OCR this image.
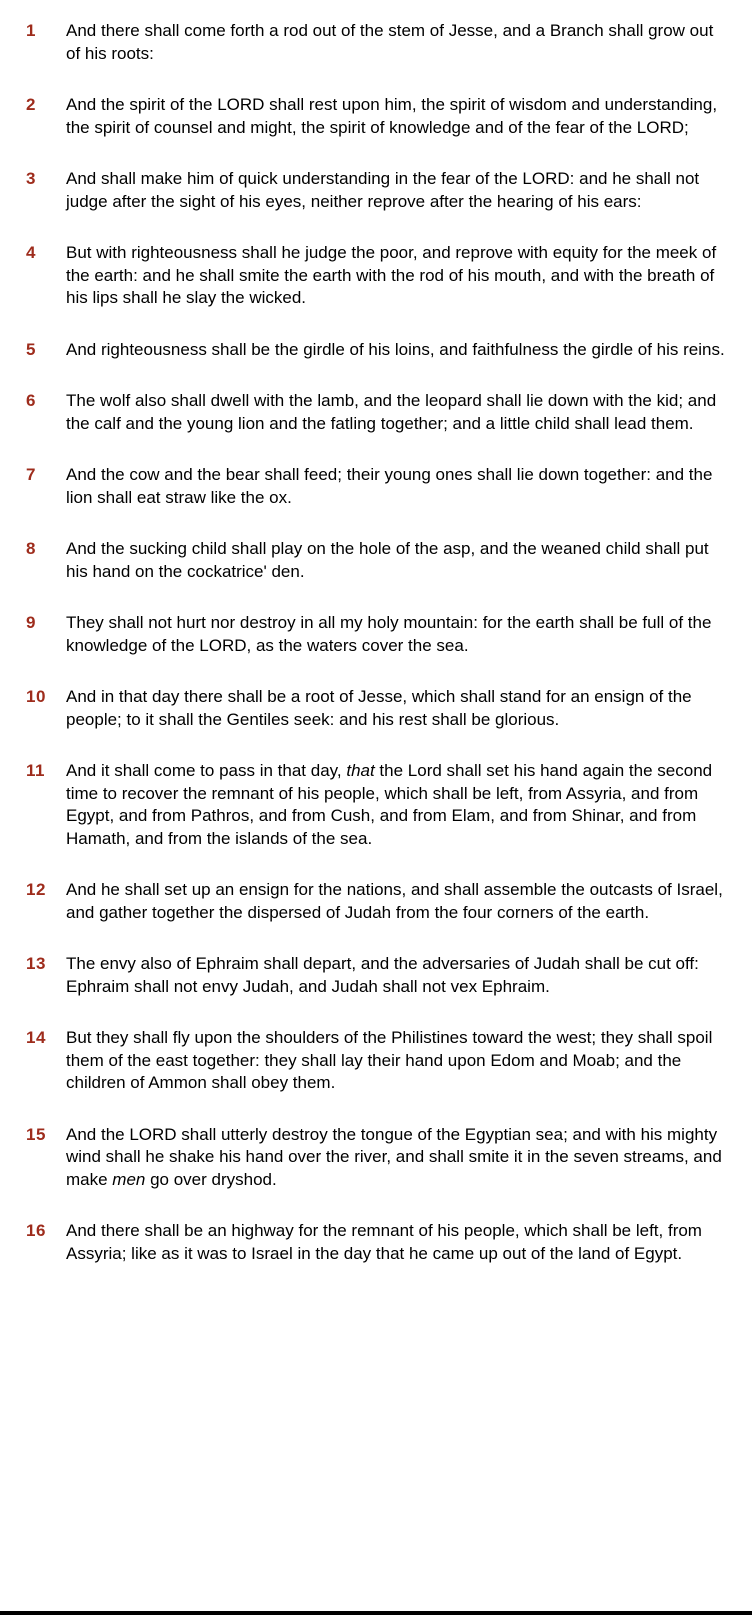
1	And there shall come forth a rod out of the stem of Jesse, and a Branch shall grow out of his roots:
2	And the spirit of the LORD shall rest upon him, the spirit of wisdom and understanding, the spirit of counsel and might, the spirit of knowledge and of the fear of the LORD;
3	And shall make him of quick understanding in the fear of the LORD: and he shall not judge after the sight of his eyes, neither reprove after the hearing of his ears:
4	But with righteousness shall he judge the poor, and reprove with equity for the meek of the earth: and he shall smite the earth with the rod of his mouth, and with the breath of his lips shall he slay the wicked.
5	And righteousness shall be the girdle of his loins, and faithfulness the girdle of his reins.
6	The wolf also shall dwell with the lamb, and the leopard shall lie down with the kid; and the calf and the young lion and the fatling together; and a little child shall lead them.
7	And the cow and the bear shall feed; their young ones shall lie down together: and the lion shall eat straw like the ox.
8	And the sucking child shall play on the hole of the asp, and the weaned child shall put his hand on the cockatrice' den.
9	They shall not hurt nor destroy in all my holy mountain: for the earth shall be full of the knowledge of the LORD, as the waters cover the sea.
10	And in that day there shall be a root of Jesse, which shall stand for an ensign of the people; to it shall the Gentiles seek: and his rest shall be glorious.
11	And it shall come to pass in that day, that the Lord shall set his hand again the second time to recover the remnant of his people, which shall be left, from Assyria, and from Egypt, and from Pathros, and from Cush, and from Elam, and from Shinar, and from Hamath, and from the islands of the sea.
12	And he shall set up an ensign for the nations, and shall assemble the outcasts of Israel, and gather together the dispersed of Judah from the four corners of the earth.
13	The envy also of Ephraim shall depart, and the adversaries of Judah shall be cut off: Ephraim shall not envy Judah, and Judah shall not vex Ephraim.
14	But they shall fly upon the shoulders of the Philistines toward the west; they shall spoil them of the east together: they shall lay their hand upon Edom and Moab; and the children of Ammon shall obey them.
15	And the LORD shall utterly destroy the tongue of the Egyptian sea; and with his mighty wind shall he shake his hand over the river, and shall smite it in the seven streams, and make men go over dryshod.
16	And there shall be an highway for the remnant of his people, which shall be left, from Assyria; like as it was to Israel in the day that he came up out of the land of Egypt.
